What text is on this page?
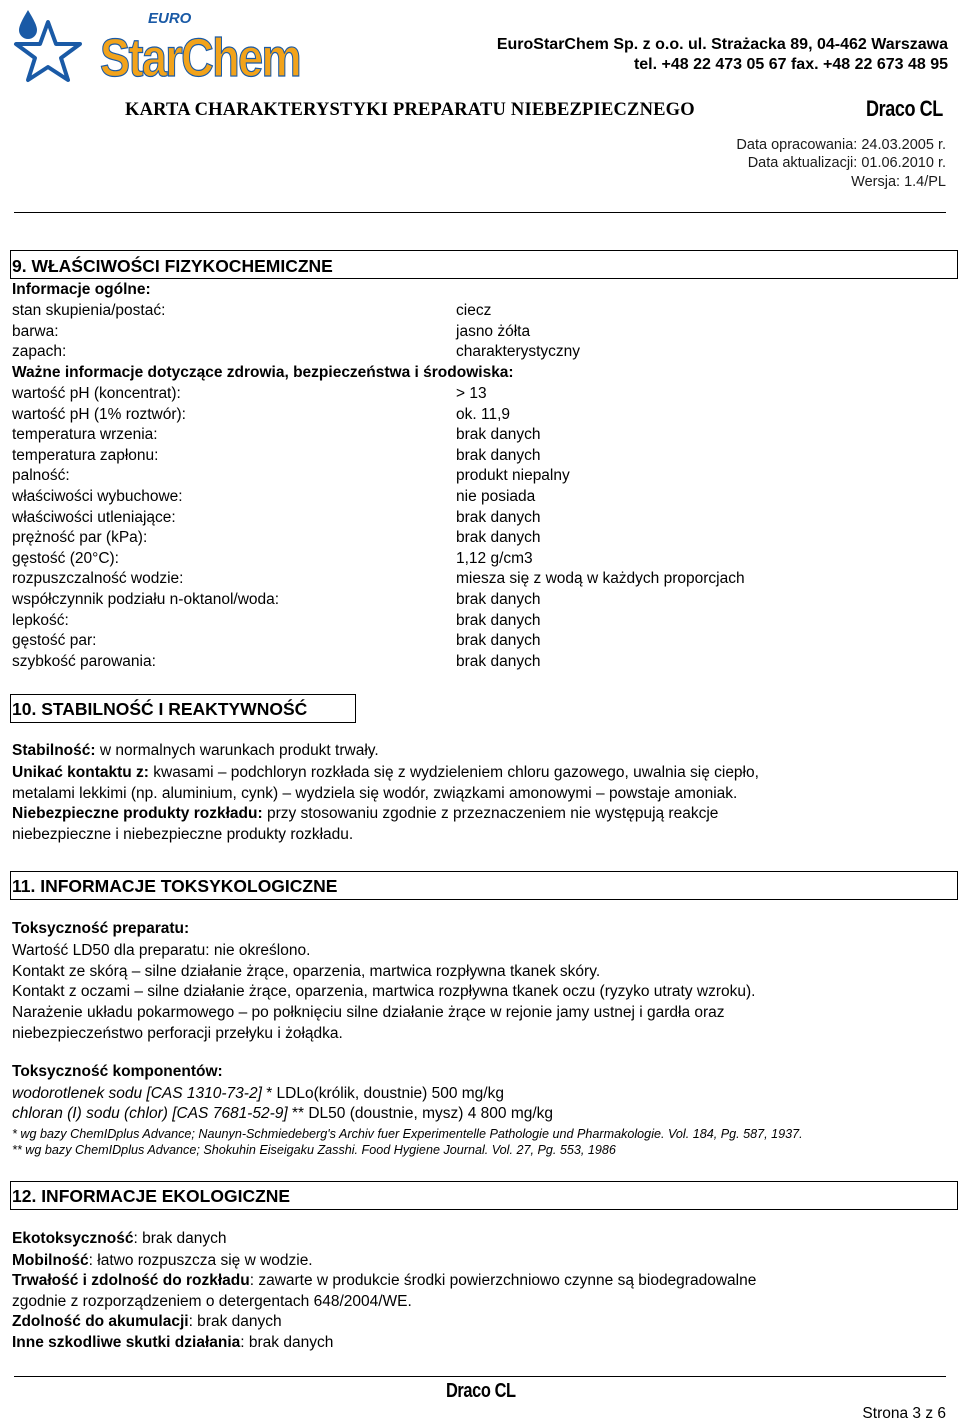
EURO
StarChem	EuroStarChem Sp. z o.o. ul. Strażacka 89, 04-462 Warszawa
tel. +48 22 473 05 67 fax. +48 22 673 48 95
KARTA CHARAKTERYSTYKI PREPARATU NIEBEZPIECZNEGO	Draco CL
Data opracowania: 24.03.2005 r.
Data aktualizacji: 01.06.2010 r.
Wersja: 1.4/PL
9. WŁAŚCIWOŚCI FIZYKOCHEMICZNE
Informacje ogólne:
stan skupienia/postać:	ciecz
barwa:	jasno żółta
zapach:	charakterystyczny
Ważne informacje dotyczące zdrowia, bezpieczeństwa i środowiska:
wartość pH (koncentrat):	> 13
wartość pH (1% roztwór):	ok. 11,9
temperatura wrzenia:	brak danych
temperatura zapłonu:	brak danych
palność:	produkt niepalny
właściwości wybuchowe:	nie posiada
właściwości utleniające:	brak danych
prężność par (kPa):	brak danych
gęstość (20°C):	1,12 g/cm3
rozpuszczalność wodzie:	miesza się z wodą w każdych proporcjach
współczynnik podziału n-oktanol/woda:	brak danych
lepkość:	brak danych
gęstość par:	brak danych
szybkość parowania:	brak danych
10. STABILNOŚĆ I REAKTYWNOŚĆ
Stabilność: w normalnych warunkach produkt trwały.
Unikać kontaktu z: kwasami – podchloryn rozkłada się z wydzieleniem chloru gazowego, uwalnia się ciepło,
metalami lekkimi (np. aluminium, cynk) – wydziela się wodór, związkami amonowymi – powstaje amoniak.
Niebezpieczne produkty rozkładu: przy stosowaniu zgodnie z przeznaczeniem nie występują reakcje
niebezpieczne i niebezpieczne produkty rozkładu.
11. INFORMACJE TOKSYKOLOGICZNE
Toksyczność preparatu:
Wartość LD50 dla preparatu: nie określono.
Kontakt ze skórą – silne działanie żrące, oparzenia, martwica rozpływna tkanek skóry.
Kontakt z oczami – silne działanie żrące, oparzenia, martwica rozpływna tkanek oczu (ryzyko utraty wzroku).
Narażenie układu pokarmowego – po połknięciu silne działanie żrące w rejonie jamy ustnej i gardła oraz
niebezpieczeństwo perforacji przełyku i żołądka.
Toksyczność komponentów:
wodorotlenek sodu [CAS 1310-73-2] * LDLo(królik, doustnie) 500 mg/kg
chloran (I) sodu (chlor) [CAS 7681-52-9] ** DL50 (doustnie, mysz) 4 800 mg/kg
* wg bazy ChemIDplus Advance; Naunyn-Schmiedeberg's Archiv fuer Experimentelle Pathologie und Pharmakologie. Vol. 184, Pg. 587, 1937.
** wg bazy ChemIDplus Advance; Shokuhin Eiseigaku Zasshi. Food Hygiene Journal. Vol. 27, Pg. 553, 1986
12. INFORMACJE EKOLOGICZNE
Ekotoksyczność: brak danych
Mobilność: łatwo rozpuszcza się w wodzie.
Trwałość i zdolność do rozkładu: zawarte w produkcie środki powierzchniowo czynne są biodegradowalne
zgodnie z rozporządzeniem o detergentach 648/2004/WE.
Zdolność do akumulacji: brak danych
Inne szkodliwe skutki działania: brak danych
Draco CL
Strona 3 z 6
